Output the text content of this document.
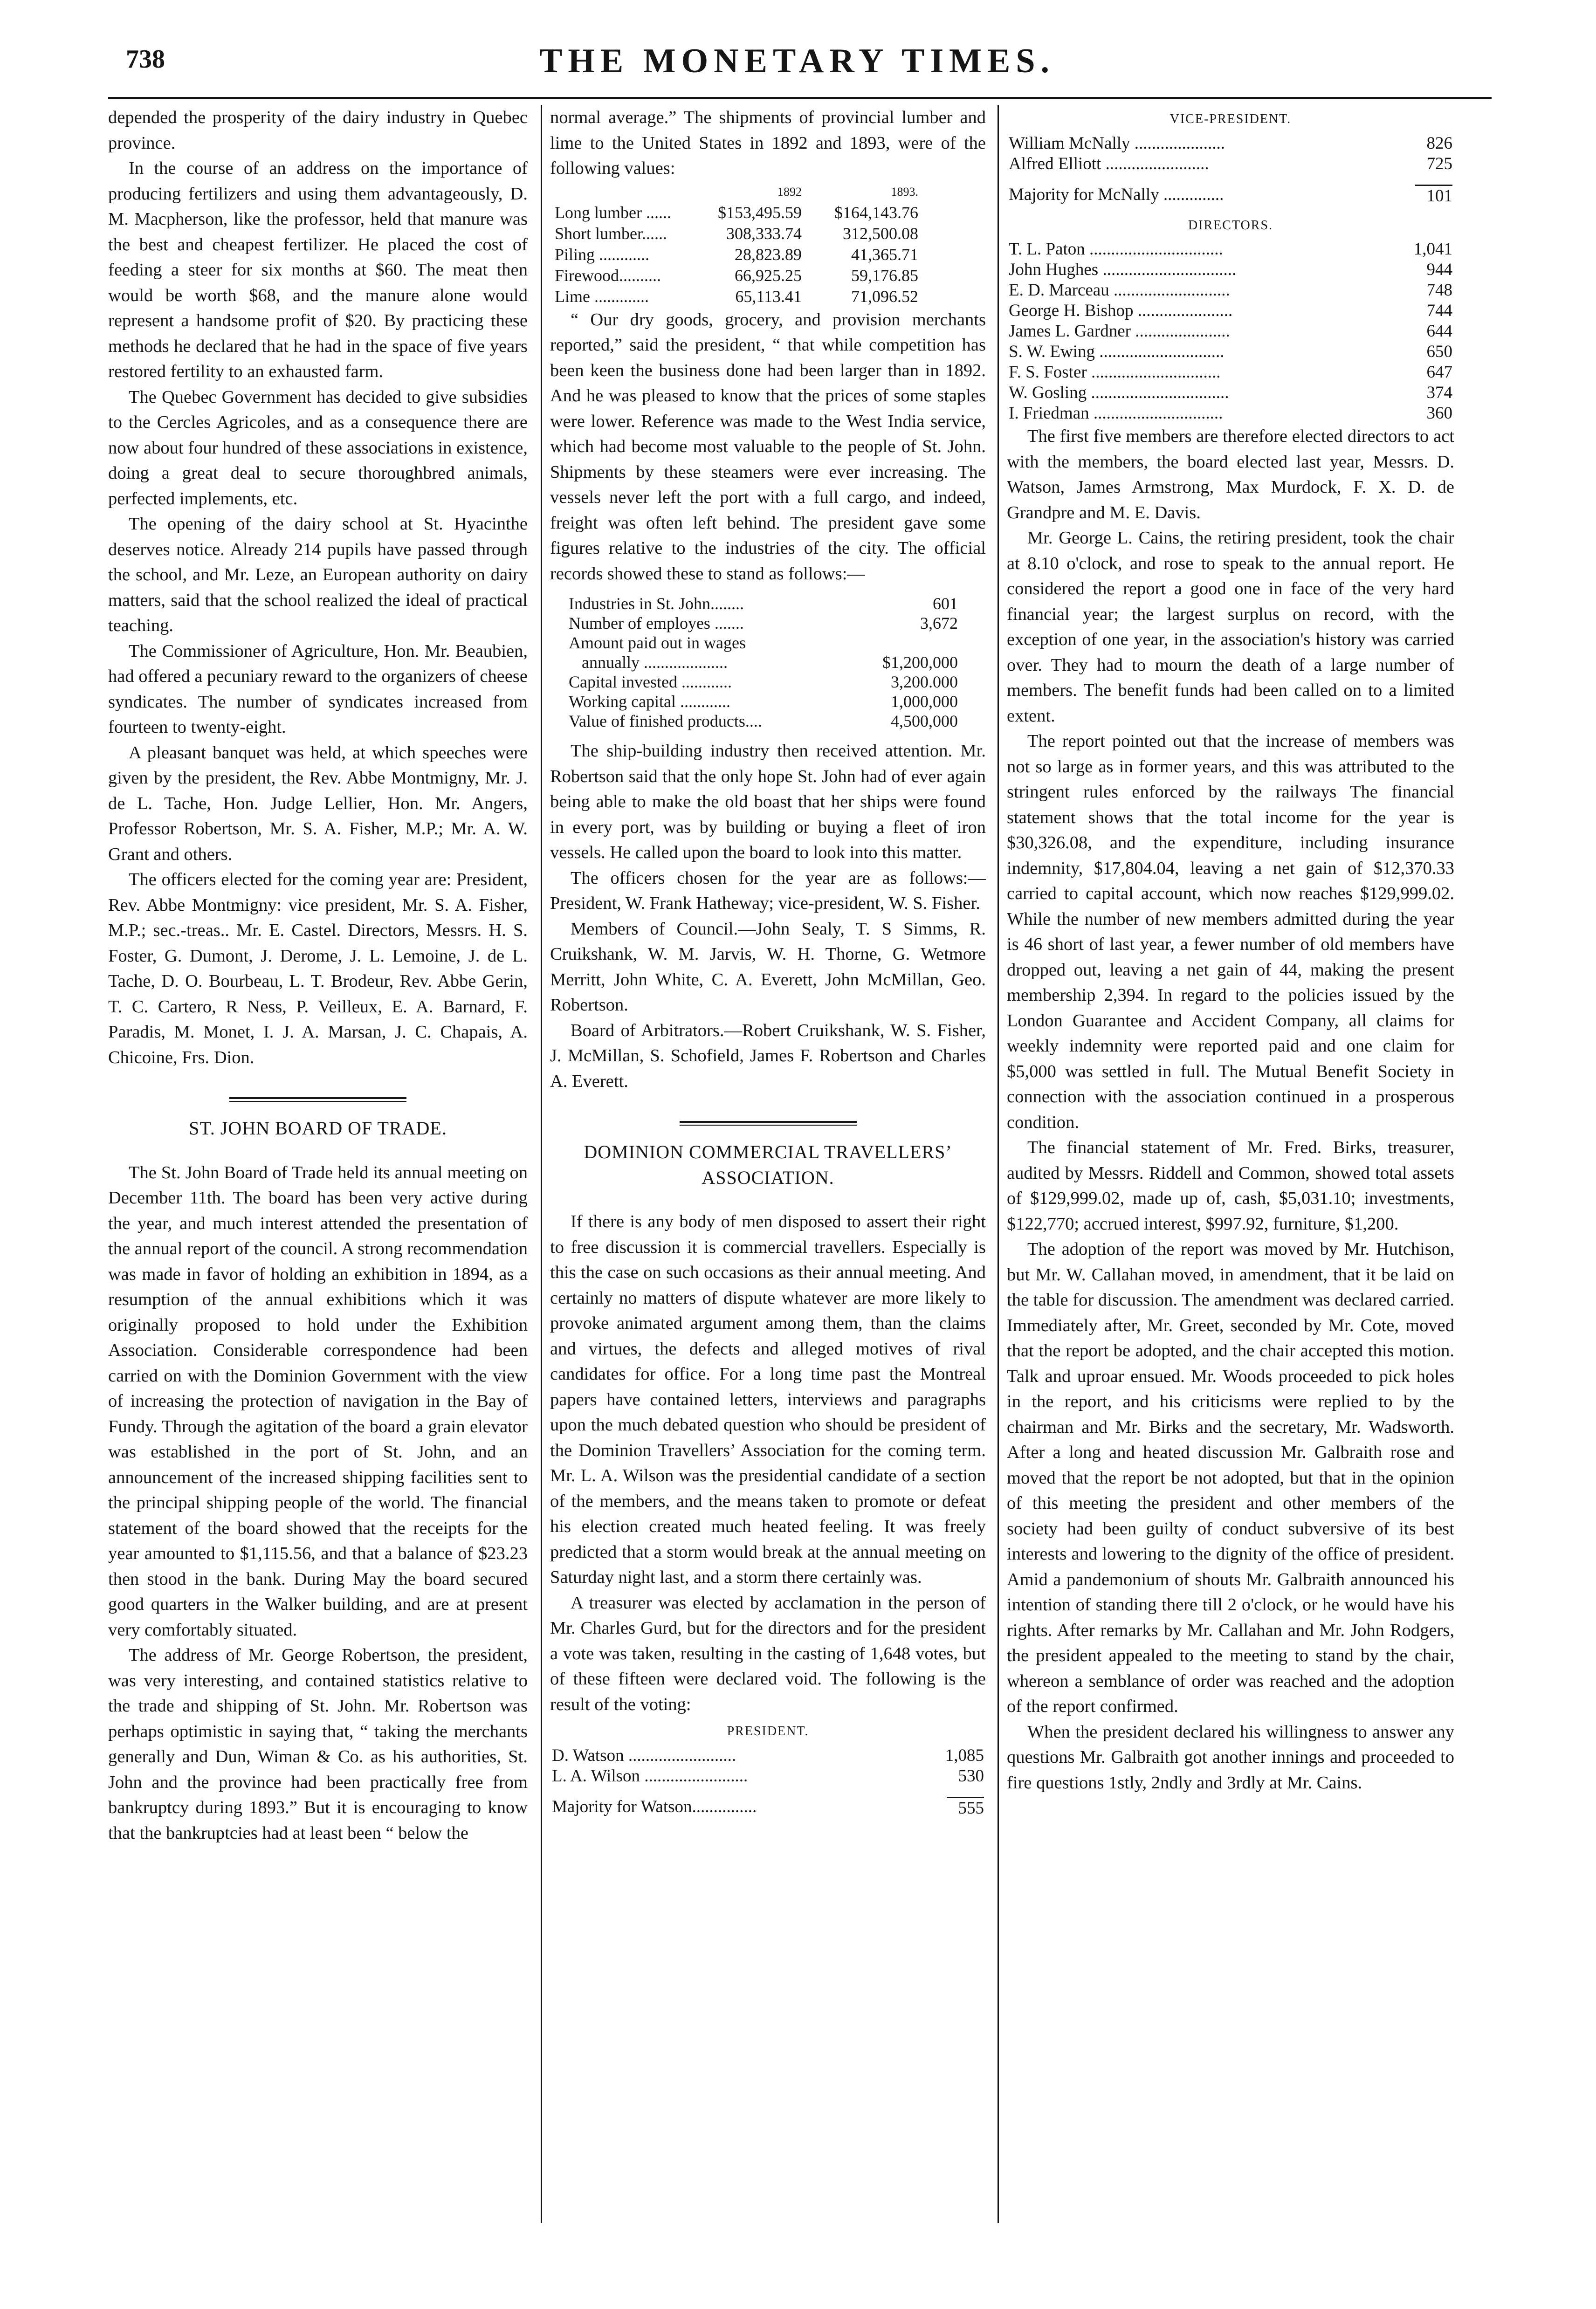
738	THE MONETARY TIMES.

depended the prosperity of the dairy industry in Quebec province.

In the course of an address on the importance of producing fertilizers and using them advantageously, D. M. Macpherson, like the professor, held that manure was the best and cheapest fertilizer. He placed the cost of feeding a steer for six months at $60. The meat then would be worth $68, and the manure alone would represent a handsome profit of $20. By practicing these methods he declared that he had in the space of five years restored fertility to an exhausted farm.

The Quebec Government has decided to give subsidies to the Cercles Agricoles, and as a consequence there are now about four hundred of these associations in existence, doing a great deal to secure thoroughbred animals, perfected implements, etc.

The opening of the dairy school at St. Hyacinthe deserves notice. Already 214 pupils have passed through the school, and Mr. Leze, an European authority on dairy matters, said that the school realized the ideal of practical teaching.

The Commissioner of Agriculture, Hon. Mr. Beaubien, had offered a pecuniary reward to the organizers of cheese syndicates. The number of syndicates increased from fourteen to twenty-eight.

A pleasant banquet was held, at which speeches were given by the president, the Rev. Abbe Montmigny, Mr. J. de L. Tache, Hon. Judge Lellier, Hon. Mr. Angers, Professor Robertson, Mr. S. A. Fisher, M.P.; Mr. A. W. Grant and others.

The officers elected for the coming year are: President, Rev. Abbe Montmigny: vice president, Mr. S. A. Fisher, M.P.; sec.-treas.. Mr. E. Castel. Directors, Messrs. H. S. Foster, G. Dumont, J. Derome, J. L. Lemoine, J. de L. Tache, D. O. Bourbeau, L. T. Brodeur, Rev. Abbe Gerin, T. C. Cartero, R Ness, P. Veilleux, E. A. Barnard, F. Paradis, M. Monet, I. J. A. Marsan, J. C. Chapais, A. Chicoine, Frs. Dion.

ST. JOHN BOARD OF TRADE.

The St. John Board of Trade held its annual meeting on December 11th. The board has been very active during the year, and much interest attended the presentation of the annual report of the council. A strong recommendation was made in favor of holding an exhibition in 1894, as a resumption of the annual exhibitions which it was originally proposed to hold under the Exhibition Association. Considerable correspondence had been carried on with the Dominion Government with the view of increasing the protection of navigation in the Bay of Fundy. Through the agitation of the board a grain elevator was established in the port of St. John, and an announcement of the increased shipping facilities sent to the principal shipping people of the world. The financial statement of the board showed that the receipts for the year amounted to $1,115.56, and that a balance of $23.23 then stood in the bank. During May the board secured good quarters in the Walker building, and are at present very comfortably situated.

The address of Mr. George Robertson, the president, was very interesting, and contained statistics relative to the trade and shipping of St. John. Mr. Robertson was perhaps optimistic in saying that, “ taking the merchants generally and Dun, Wiman & Co. as his authorities, St. John and the province had been practically free from bankruptcy during 1893.” But it is encouraging to know that the bankruptcies had at least been “ below the

normal average.” The shipments of provincial lumber and lime to the United States in 1892 and 1893, were of the following values:

1892	1893.
Long lumber ......	$153,495.59	$164,143.76
Short lumber......	308,333.74	312,500.08
Piling ............	28,823.89	41,365.71
Firewood..........	66,925.25	59,176.85
Lime .............	65,113.41	71,096.52

“ Our dry goods, grocery, and provision merchants reported,” said the president, “ that while competition has been keen the business done had been larger than in 1892. And he was pleased to know that the prices of some staples were lower. Reference was made to the West India service, which had become most valuable to the people of St. John. Shipments by these steamers were ever increasing. The vessels never left the port with a full cargo, and indeed, freight was often left behind. The president gave some figures relative to the industries of the city. The official records showed these to stand as follows:—

Industries in St. John........	601
Number of employes .......	3,672
Amount paid out in wages
annually ....................	$1,200,000
Capital invested ............	3,200.000
Working capital ............	1,000,000
Value of finished products....	4,500,000

The ship-building industry then received attention. Mr. Robertson said that the only hope St. John had of ever again being able to make the old boast that her ships were found in every port, was by building or buying a fleet of iron vessels. He called upon the board to look into this matter.

The officers chosen for the year are as follows:—President, W. Frank Hatheway; vice-president, W. S. Fisher.

Members of Council.—John Sealy, T. S Simms, R. Cruikshank, W. M. Jarvis, W. H. Thorne, G. Wetmore Merritt, John White, C. A. Everett, John McMillan, Geo. Robertson.

Board of Arbitrators.—Robert Cruikshank, W. S. Fisher, J. McMillan, S. Schofield, James F. Robertson and Charles A. Everett.

DOMINION COMMERCIAL TRAVELLERS’ ASSOCIATION.

If there is any body of men disposed to assert their right to free discussion it is commercial travellers. Especially is this the case on such occasions as their annual meeting. And certainly no matters of dispute whatever are more likely to provoke animated argument among them, than the claims and virtues, the defects and alleged motives of rival candidates for office. For a long time past the Montreal papers have contained letters, interviews and paragraphs upon the much debated question who should be president of the Dominion Travellers’ Association for the coming term. Mr. L. A. Wilson was the presidential candidate of a section of the members, and the means taken to promote or defeat his election created much heated feeling. It was freely predicted that a storm would break at the annual meeting on Saturday night last, and a storm there certainly was.

A treasurer was elected by acclamation in the person of Mr. Charles Gurd, but for the directors and for the president a vote was taken, resulting in the casting of 1,648 votes, but of these fifteen were declared void. The following is the result of the voting:

PRESIDENT.
D. Watson .........................	1,085
L. A. Wilson ........................	530
Majority for Watson...............	555
VICE-PRESIDENT.
William McNally .....................	826
Alfred Elliott ........................	725
Majority for McNally ..............	101
DIRECTORS.
T. L. Paton ...............................	1,041
John Hughes ...............................	944
E. D. Marceau ...........................	748
George H. Bishop ......................	744
James L. Gardner ......................	644
S. W. Ewing .............................	650
F. S. Foster ..............................	647
W. Gosling ................................	374
I. Friedman ..............................	360

The first five members are therefore elected directors to act with the members, the board elected last year, Messrs. D. Watson, James Armstrong, Max Murdock, F. X. D. de Grandpre and M. E. Davis.

Mr. George L. Cains, the retiring president, took the chair at 8.10 o'clock, and rose to speak to the annual report. He considered the report a good one in face of the very hard financial year; the largest surplus on record, with the exception of one year, in the association's history was carried over. They had to mourn the death of a large number of members. The benefit funds had been called on to a limited extent.

The report pointed out that the increase of members was not so large as in former years, and this was attributed to the stringent rules enforced by the railways The financial statement shows that the total income for the year is $30,326.08, and the expenditure, including insurance indemnity, $17,804.04, leaving a net gain of $12,370.33 carried to capital account, which now reaches $129,999.02. While the number of new members admitted during the year is 46 short of last year, a fewer number of old members have dropped out, leaving a net gain of 44, making the present membership 2,394. In regard to the policies issued by the London Guarantee and Accident Company, all claims for weekly indemnity were reported paid and one claim for $5,000 was settled in full. The Mutual Benefit Society in connection with the association continued in a prosperous condition.

The financial statement of Mr. Fred. Birks, treasurer, audited by Messrs. Riddell and Common, showed total assets of $129,999.02, made up of, cash, $5,031.10; investments, $122,770; accrued interest, $997.92, furniture, $1,200.

The adoption of the report was moved by Mr. Hutchison, but Mr. W. Callahan moved, in amendment, that it be laid on the table for discussion. The amendment was declared carried. Immediately after, Mr. Greet, seconded by Mr. Cote, moved that the report be adopted, and the chair accepted this motion. Talk and uproar ensued. Mr. Woods proceeded to pick holes in the report, and his criticisms were replied to by the chairman and Mr. Birks and the secretary, Mr. Wadsworth. After a long and heated discussion Mr. Galbraith rose and moved that the report be not adopted, but that in the opinion of this meeting the president and other members of the society had been guilty of conduct subversive of its best interests and lowering to the dignity of the office of president. Amid a pandemonium of shouts Mr. Galbraith announced his intention of standing there till 2 o'clock, or he would have his rights. After remarks by Mr. Callahan and Mr. John Rodgers, the president appealed to the meeting to stand by the chair, whereon a semblance of order was reached and the adoption of the report confirmed.

When the president declared his willingness to answer any questions Mr. Galbraith got another innings and proceeded to fire questions 1stly, 2ndly and 3rdly at Mr. Cains.
